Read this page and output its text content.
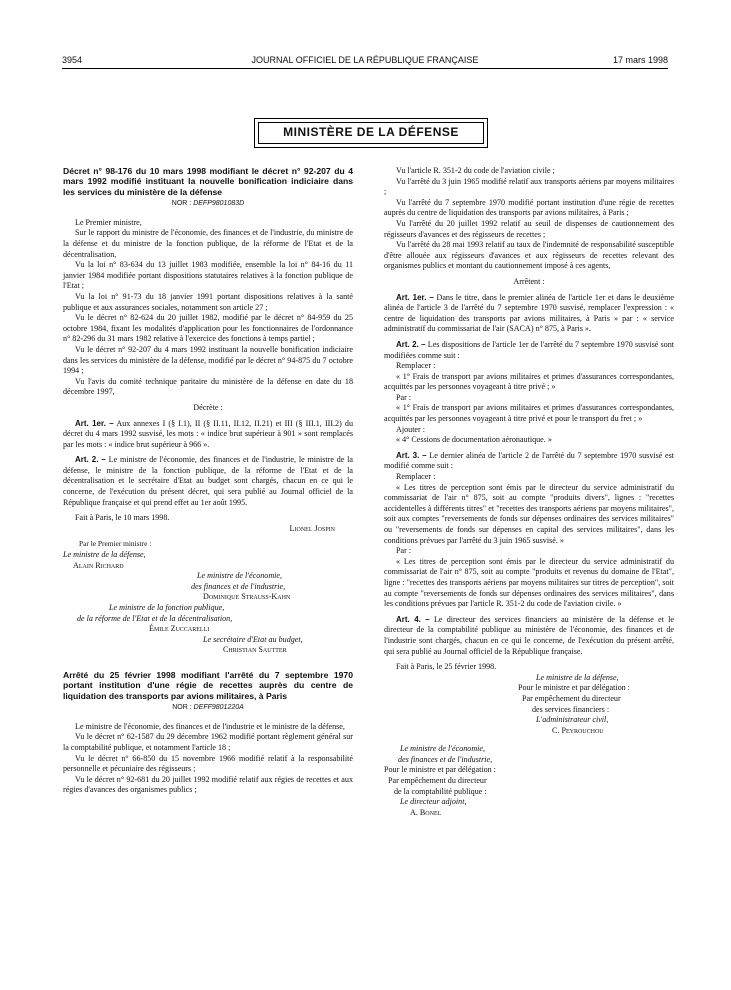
3954	JOURNAL OFFICIEL DE LA RÉPUBLIQUE FRANÇAISE	17 mars 1998
MINISTÈRE DE LA DÉFENSE

Décret n° 98-176 du 10 mars 1998 modifiant le décret n° 92-207 du 4 mars 1992 modifié instituant la nouvelle bonification indiciaire dans les services du ministère de la défense

NOR : DEFP9801083D

Le Premier ministre,

Sur le rapport du ministre de l'économie, des finances et de l'industrie, du ministre de la défense et du ministre de la fonction publique, de la réforme de l'Etat et de la décentralisation,

Vu la loi n° 83-634 du 13 juillet 1983 modifiée, ensemble la loi n° 84-16 du 11 janvier 1984 modifiée portant dispositions statutaires relatives à la fonction publique de l'Etat ;

Vu la loi n° 91-73 du 18 janvier 1991 portant dispositions relatives à la santé publique et aux assurances sociales, notamment son article 27 ;

Vu le décret n° 82-624 du 20 juillet 1982, modifié par le décret n° 84-959 du 25 octobre 1984, fixant les modalités d'application pour les fonctionnaires de l'ordonnance n° 82-296 du 31 mars 1982 relative à l'exercice des fonctions à temps partiel ;

Vu le décret n° 92-207 du 4 mars 1992 instituant la nouvelle bonification indiciaire dans les services du ministère de la défense, modifié par le décret n° 94-875 du 7 octobre 1994 ;

Vu l'avis du comité technique paritaire du ministère de la défense en date du 18 décembre 1997,

Décrète :

Art. 1er. – Aux annexes I (§ I.1), II (§ II.11, II.12, II.21) et III (§ III.1, III.2) du décret du 4 mars 1992 susvisé, les mots : « indice brut supérieur à 901 » sont remplacés par les mots : « indice brut supérieur à 966 ».

Art. 2. – Le ministre de l'économie, des finances et de l'industrie, le ministre de la défense, le ministre de la fonction publique, de la réforme de l'Etat et de la décentralisation et le secrétaire d'Etat au budget sont chargés, chacun en ce qui le concerne, de l'exécution du présent décret, qui sera publié au Journal officiel de la République française et qui prend effet au 1er août 1995.

Fait à Paris, le 10 mars 1998.

Lionel Jospin

Par le Premier ministre :

Le ministre de la défense,

Alain Richard

Le ministre de l'économie,

des finances et de l'industrie,

Dominique Strauss-Kahn

Le ministre de la fonction publique,

de la réforme de l'Etat et de la décentralisation,

Émile Zuccarelli

Le secrétaire d'Etat au budget,

Christian Sautter

Arrêté du 25 février 1998 modifiant l'arrêté du 7 septembre 1970 portant institution d'une régie de recettes auprès du centre de liquidation des transports par avions militaires, à Paris

NOR : DEFF9801220A

Le ministre de l'économie, des finances et de l'industrie et le ministre de la défense,

Vu le décret n° 62-1587 du 29 décembre 1962 modifié portant règlement général sur la comptabilité publique, et notamment l'article 18 ;

Vu le décret n° 66-850 du 15 novembre 1966 modifié relatif à la responsabilité personnelle et pécuniaire des régisseurs ;

Vu le décret n° 92-681 du 20 juillet 1992 modifié relatif aux régies de recettes et aux régies d'avances des organismes publics ;

Vu l'article R. 351-2 du code de l'aviation civile ;

Vu l'arrêté du 3 juin 1965 modifié relatif aux transports aériens par moyens militaires ;

Vu l'arrêté du 7 septembre 1970 modifié portant institution d'une régie de recettes auprès du centre de liquidation des transports par avions militaires, à Paris ;

Vu l'arrêté du 20 juillet 1992 relatif au seuil de dispenses de cautionnement des régisseurs d'avances et des régisseurs de recettes ;

Vu l'arrêté du 28 mai 1993 relatif au taux de l'indemnité de responsabilité susceptible d'être allouée aux régisseurs d'avances et aux régisseurs de recettes relevant des organismes publics et montant du cautionnement imposé à ces agents,

Arrêtent :

Art. 1er. – Dans le titre, dans le premier alinéa de l'article 1er et dans le deuxième alinéa de l'article 3 de l'arrêté du 7 septembre 1970 susvisé, remplacer l'expression : « centre de liquidation des transports par avions militaires, à Paris » par : « service administratif du commissariat de l'air (SACA) n° 875, à Paris ».

Art. 2. – Les dispositions de l'article 1er de l'arrêté du 7 septembre 1970 susvisé sont modifiées comme suit :

Remplacer :

« 1° Frais de transport par avions militaires et primes d'assurances correspondantes, acquittés par les personnes voyageant à titre privé ; »

Par :

« 1° Frais de transport par avions militaires et primes d'assurances correspondantes, acquittés par les personnes voyageant à titre privé et pour le transport du fret ; »

Ajouter :

« 4° Cessions de documentation aéronautique. »

Art. 3. – Le dernier alinéa de l'article 2 de l'arrêté du 7 septembre 1970 susvisé est modifié comme suit :

Remplacer :

« Les titres de perception sont émis par le directeur du service administratif du commissariat de l'air n° 875, soit au compte "produits divers", lignes : "recettes accidentelles à différents titres" et "recettes des transports aériens par moyens militaires", soit aux comptes "reversements de fonds sur dépenses ordinaires des services militaires" ou "reversements de fonds sur dépenses en capital des services militaires", dans les conditions prévues par l'arrêté du 3 juin 1965 susvisé. »

Par :

« Les titres de perception sont émis par le directeur du service administratif du commissariat de l'air n° 875, soit au compte "produits et revenus du domaine de l'Etat", ligne : "recettes des transports aériens par moyens militaires sur titres de perception", soit au compte "reversements de fonds sur dépenses ordinaires des services militaires", dans les conditions prévues par l'article R. 351-2 du code de l'aviation civile. »

Art. 4. – Le directeur des services financiers au ministère de la défense et le directeur de la comptabilité publique au ministère de l'économie, des finances et de l'industrie sont chargés, chacun en ce qui le concerne, de l'exécution du présent arrêté, qui sera publié au Journal officiel de la République française.

Fait à Paris, le 25 février 1998.

Le ministre de la défense,

Pour le ministre et par délégation :

Par empêchement du directeur

des services financiers :

L'administrateur civil,

C. Peyrouchou

Le ministre de l'économie,

des finances et de l'industrie,

Pour le ministre et par délégation :

Par empêchement du directeur

de la comptabilité publique :

Le directeur adjoint,

A. Bonel
